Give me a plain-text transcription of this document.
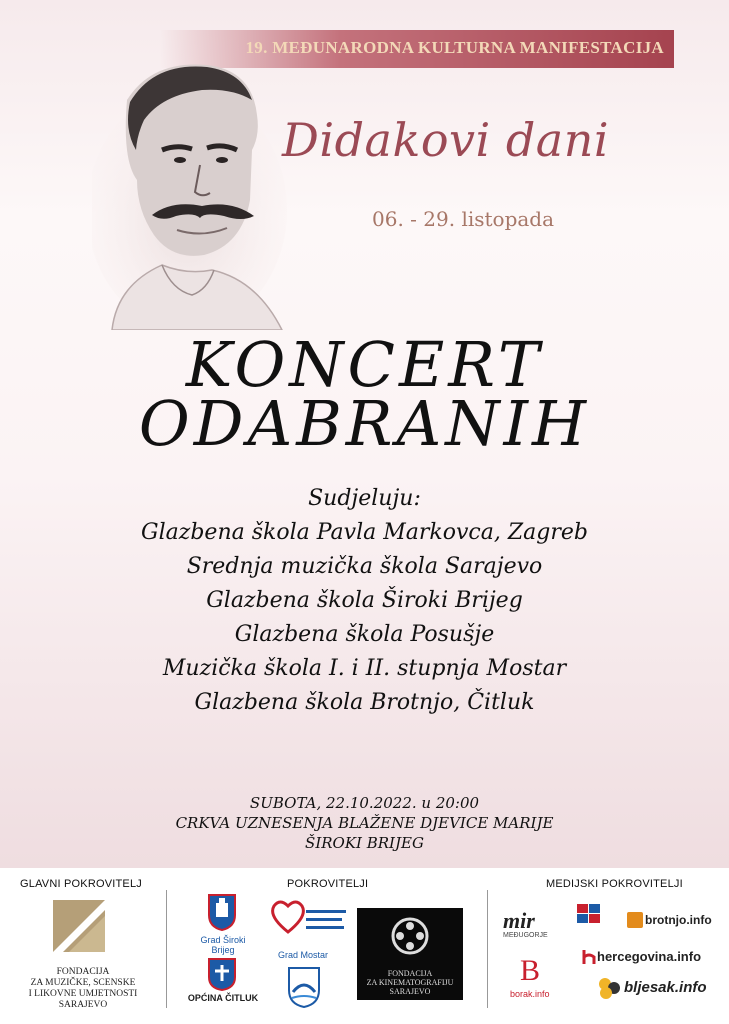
19. MEĐUNARODNA KULTURNA MANIFESTACIJA
Didakovi dani
06. - 29. listopada
KONCERT
ODABRANIH
Sudjeluju:
Glazbena škola Pavla Markovca, Zagreb
Srednja muzička škola Sarajevo
Glazbena škola Široki Brijeg
Glazbena škola Posušje
Muzička škola I. i II. stupnja Mostar
Glazbena škola Brotnjo, Čitluk
SUBOTA, 22.10.2022. u 20:00
CRKVA UZNESENJA BLAŽENE DJEVICE MARIJE
ŠIROKI BRIJEG
GLAVNI POKROVITELJ	POKROVITELJI	MEDIJSKI POKROVITELJI
FONDACIJA
ZA MUZIČKE, SCENSKE
I LIKOVNE UMJETNOSTI
SARAJEVO
Grad Široki Brijeg
OPĆINA ČITLUK
Grad Mostar
FONDACIJA
ZA KINEMATOGRAFIJU
SARAJEVO
mir
MEĐUGORJE
brotnjo.info
hercegovina.info
B
borak.info	bljesak.info
